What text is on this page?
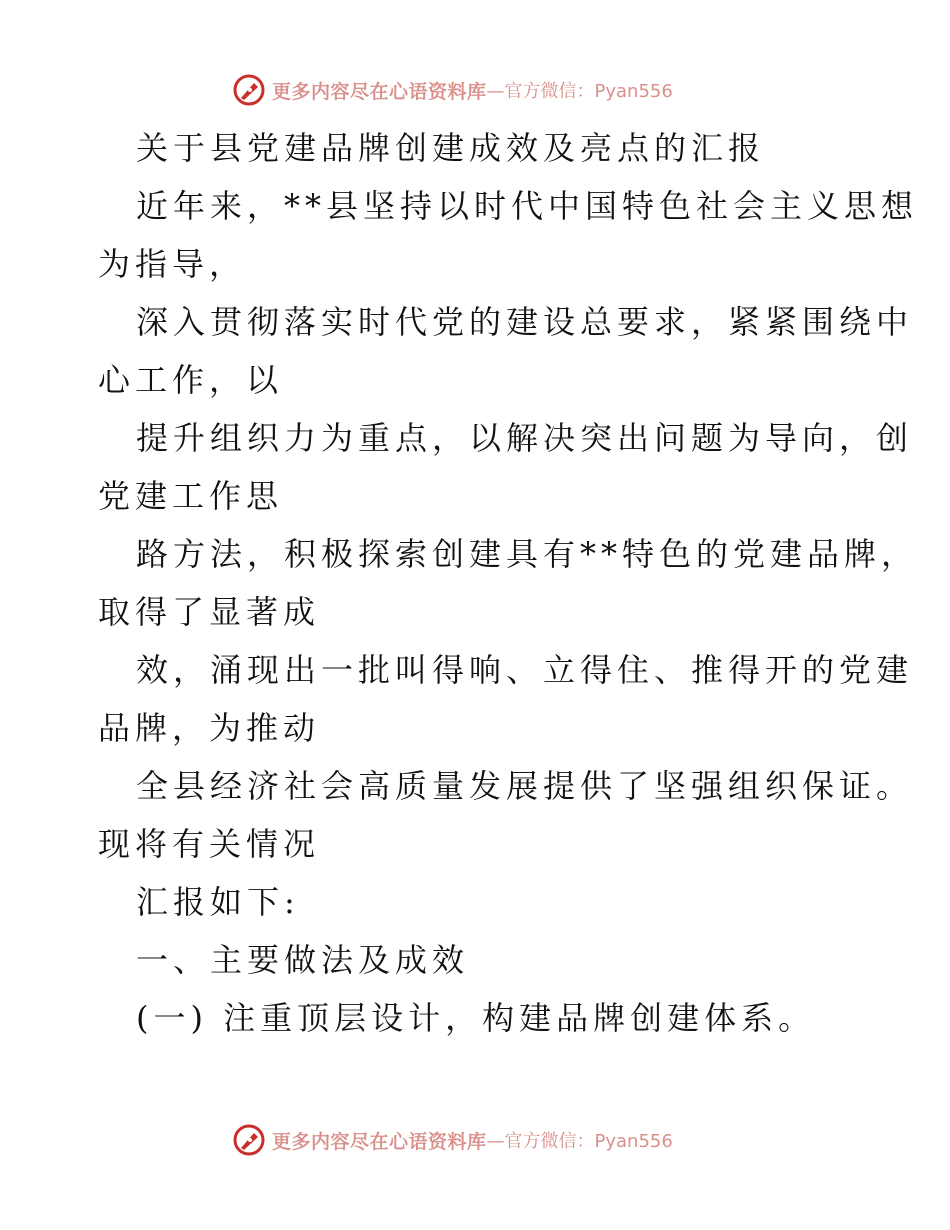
更多内容尽在心语资料库 —官方微信：Pyan556
关于县党建品牌创建成效及亮点的汇报
近年来，**县坚持以时代中国特色社会主义思想
为指导，
深入贯彻落实时代党的建设总要求，紧紧围绕中
心工作，以
提升组织力为重点，以解决突出问题为导向，创
党建工作思
路方法，积极探索创建具有**特色的党建品牌，
取得了显著成
效，涌现出一批叫得响、立得住、推得开的党建
品牌，为推动
全县经济社会高质量发展提供了坚强组织保证。
现将有关情况
汇报如下:
一、主要做法及成效
(一) 注重顶层设计，构建品牌创建体系。
更多内容尽在心语资料库 —官方微信：Pyan556
